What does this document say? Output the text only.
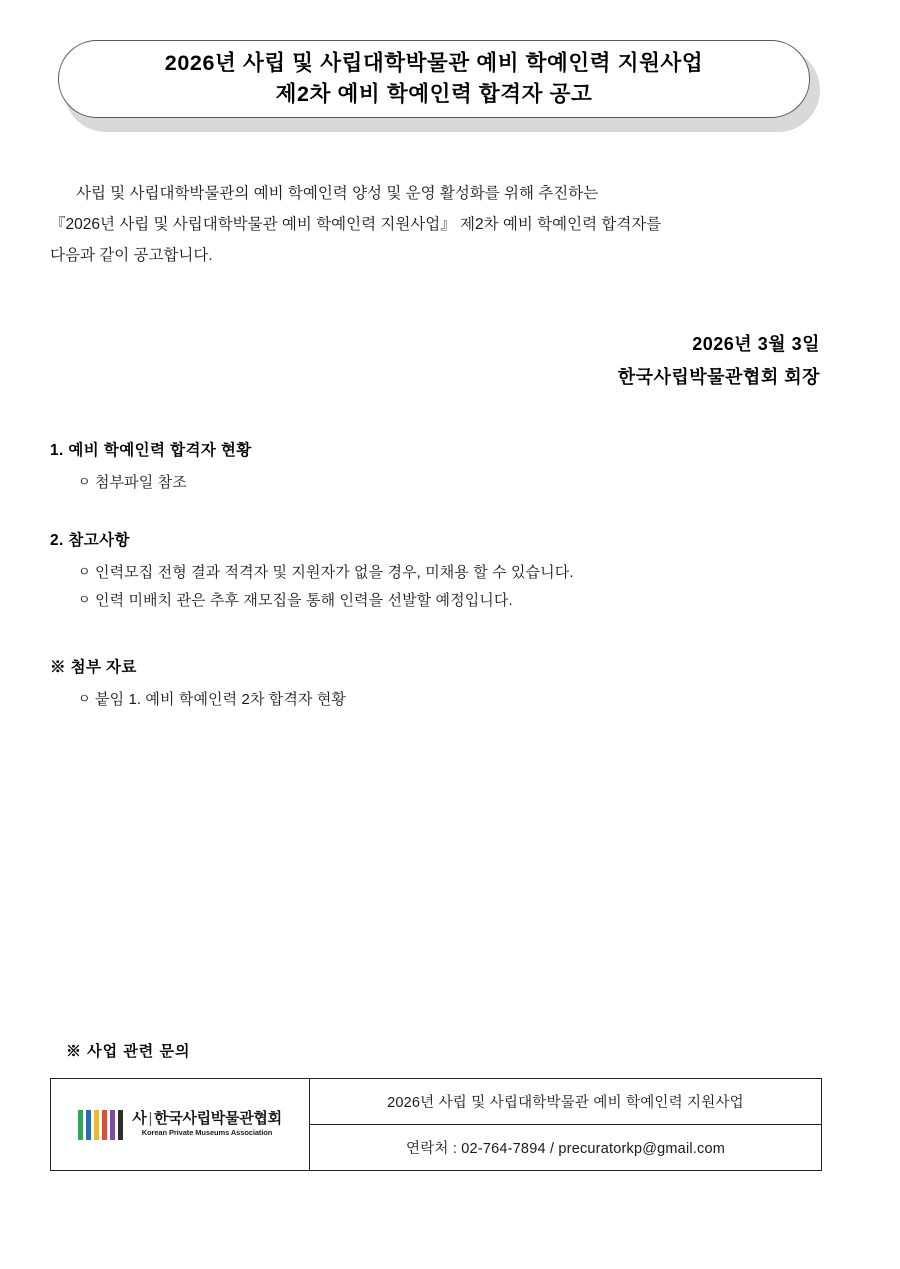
2026년 사립 및 사립대학박물관 예비 학예인력 지원사업
제2차 예비 학예인력 합격자 공고

사립 및 사립대학박물관의 예비 학예인력 양성 및 운영 활성화를 위해 추진하는

『2026년 사립 및 사립대학박물관 예비 학예인력 지원사업』 제2차 예비 학예인력 합격자를

다음과 같이 공고합니다.

2026년 3월 3일
한국사립박물관협회 회장
1. 예비 학예인력 합격자 현황
ㅇ 첨부파일 참조
2. 참고사항
ㅇ 인력모집 전형 결과 적격자 및 지원자가 없을 경우, 미채용 할 수 있습니다.
ㅇ 인력 미배치 관은 추후 재모집을 통해 인력을 선발할 예정입니다.
※ 첨부 자료
ㅇ 붙임 1. 예비 학예인력 2차 합격자 현황
※ 사업 관련 문의
사 | 한국사립박물관협회
Korean Private Museums Association
	2026년 사립 및 사립대학박물관 예비 학예인력 지원사업
연락처 : 02-764-7894 / precuratorkp@gmail.com
